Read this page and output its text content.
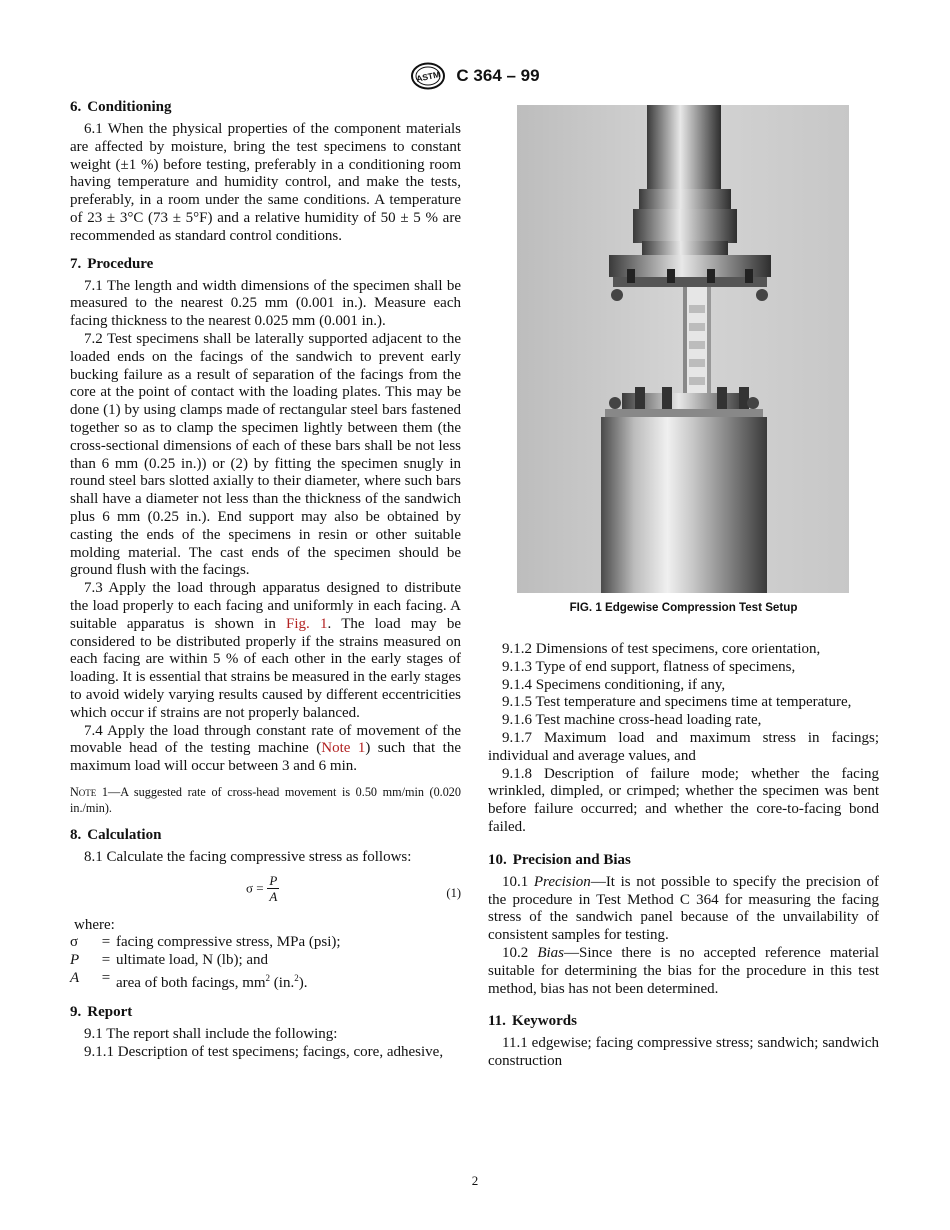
ASTM C 364 – 99
6. Conditioning

6.1 When the physical properties of the component materials are affected by moisture, bring the test specimens to constant weight (±1 %) before testing, preferably in a conditioning room having temperature and humidity control, and make the tests, preferably, in a room under the same conditions. A temperature of 23 ± 3°C (73 ± 5°F) and a relative humidity of 50 ± 5 % are recommended as standard control conditions.

7. Procedure

7.1 The length and width dimensions of the specimen shall be measured to the nearest 0.25 mm (0.001 in.). Measure each facing thickness to the nearest 0.025 mm (0.001 in.).

7.2 Test specimens shall be laterally supported adjacent to the loaded ends on the facings of the sandwich to prevent early bucking failure as a result of separation of the facings from the core at the point of contact with the loading plates. This may be done (1) by using clamps made of rectangular steel bars fastened together so as to clamp the specimen lightly between them (the cross-sectional dimensions of each of these bars shall be not less than 6 mm (0.25 in.)) or (2) by fitting the specimen snugly in round steel bars slotted axially to their diameter, where such bars shall have a diameter not less than the thickness of the sandwich plus 6 mm (0.25 in.). End support may also be obtained by casting the ends of the specimens in resin or other suitable molding material. The cast ends of the specimen should be ground flush with the facings.

7.3 Apply the load through apparatus designed to distribute the load properly to each facing and uniformly in each facing. A suitable apparatus is shown in Fig. 1. The load may be considered to be distributed properly if the strains measured on each facing are within 5 % of each other in the early stages of loading. It is essential that strains be measured in the early stages to avoid widely varying results caused by different eccentricities which occur if strains are not properly balanced.

7.4 Apply the load through constant rate of movement of the movable head of the testing machine (Note 1) such that the maximum load will occur between 3 and 6 min.

Note 1—A suggested rate of cross-head movement is 0.50 mm/min (0.020 in./min).

8. Calculation

8.1 Calculate the facing compressive stress as follows:

$\sigma = \frac{P}{A}$	(1)

where:

σ	= facing compressive stress, MPa (psi);
P	= ultimate load, N (lb); and
A	= area of both facings, $mm^2$ (in.$^2$).
9. Report

9.1 The report shall include the following:

9.1.1 Description of test specimens; facings, core, adhesive,

FIG. 1 Edgewise Compression Test Setup

9.1.2 Dimensions of test specimens, core orientation,

9.1.3 Type of end support, flatness of specimens,

9.1.4 Specimens conditioning, if any,

9.1.5 Test temperature and specimens time at temperature,

9.1.6 Test machine cross-head loading rate,

9.1.7 Maximum load and maximum stress in facings; individual and average values, and

9.1.8 Description of failure mode; whether the facing wrinkled, dimpled, or crimped; whether the specimen was bent before failure occurred; and whether the core-to-facing bond failed.

10. Precision and Bias

10.1 Precision—It is not possible to specify the precision of the procedure in Test Method C 364 for measuring the facing stress of the sandwich panel because of the unvailability of consistent samples for testing.

10.2 Bias—Since there is no accepted reference material suitable for determining the bias for the procedure in this test method, bias has not been determined.

11. Keywords

11.1 edgewise; facing compressive stress; sandwich; sandwich construction

2
